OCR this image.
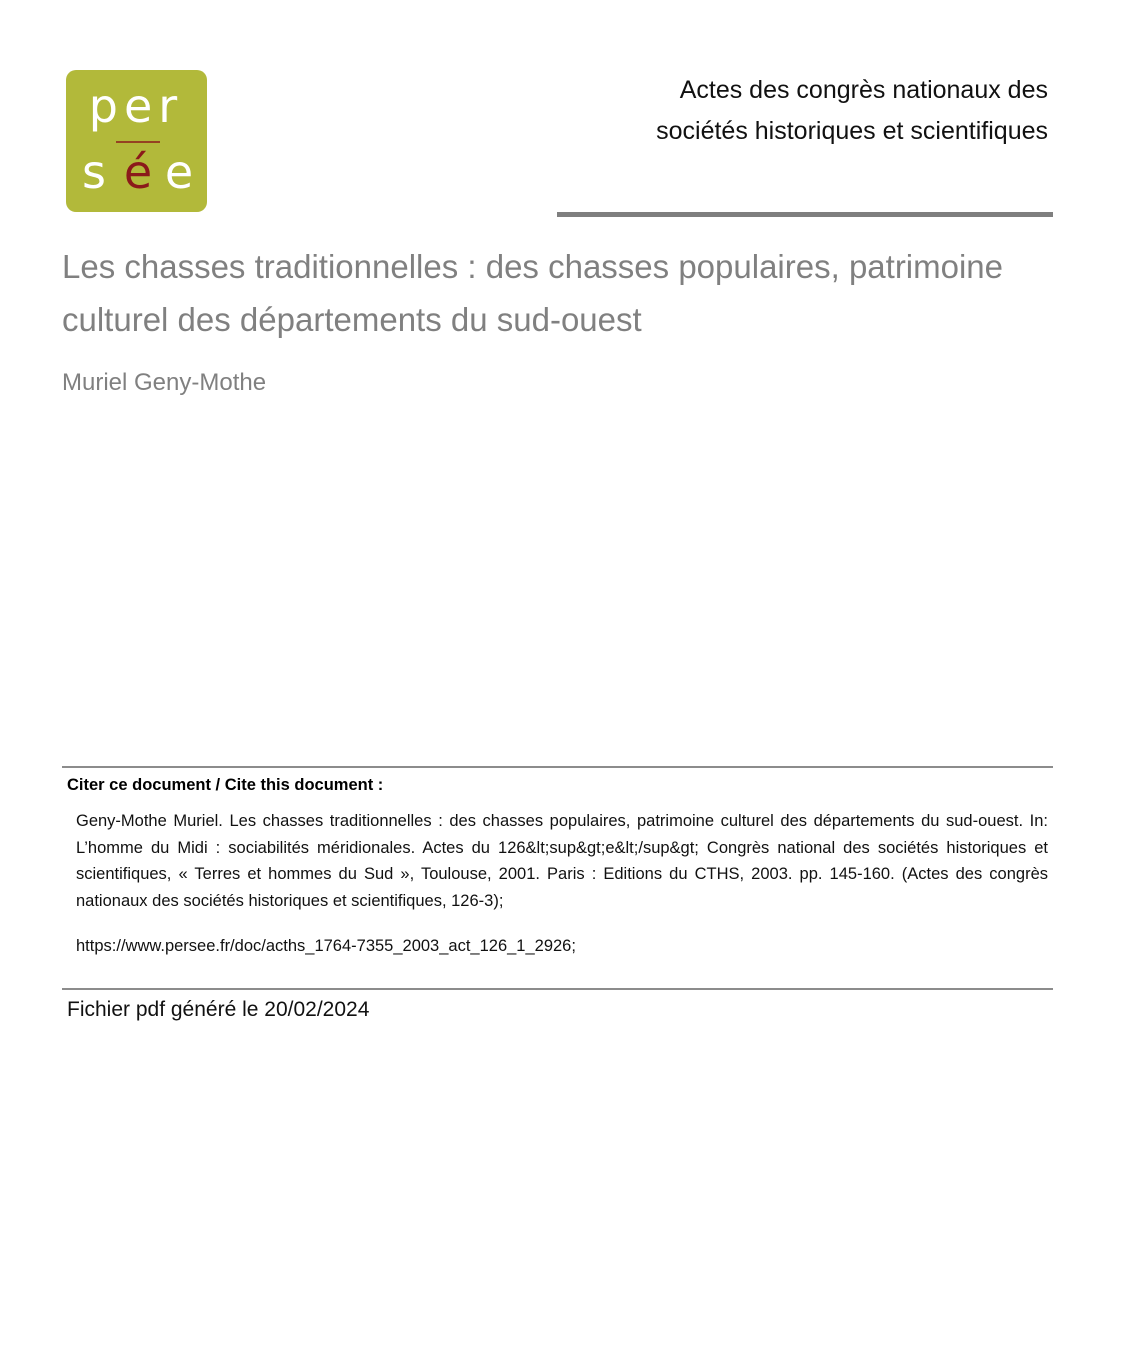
per
s é e
Actes des congrès nationaux des
sociétés historiques et scientifiques
Les chasses traditionnelles : des chasses populaires, patrimoine culturel des départements du sud-ouest
Muriel Geny-Mothe
Citer ce document / Cite this document :
Geny-Mothe Muriel. Les chasses traditionnelles : des chasses populaires, patrimoine culturel des départements du sud-ouest. In: L’homme du Midi : sociabilités méridionales. Actes du 126&lt;sup&gt;e&lt;/sup&gt; Congrès national des sociétés historiques et scientifiques, « Terres et hommes du Sud », Toulouse, 2001. Paris : Editions du CTHS, 2003. pp. 145-160. (Actes des congrès nationaux des sociétés historiques et scientifiques, 126-3);
https://www.persee.fr/doc/acths_1764-7355_2003_act_126_1_2926;
Fichier pdf généré le 20/02/2024
